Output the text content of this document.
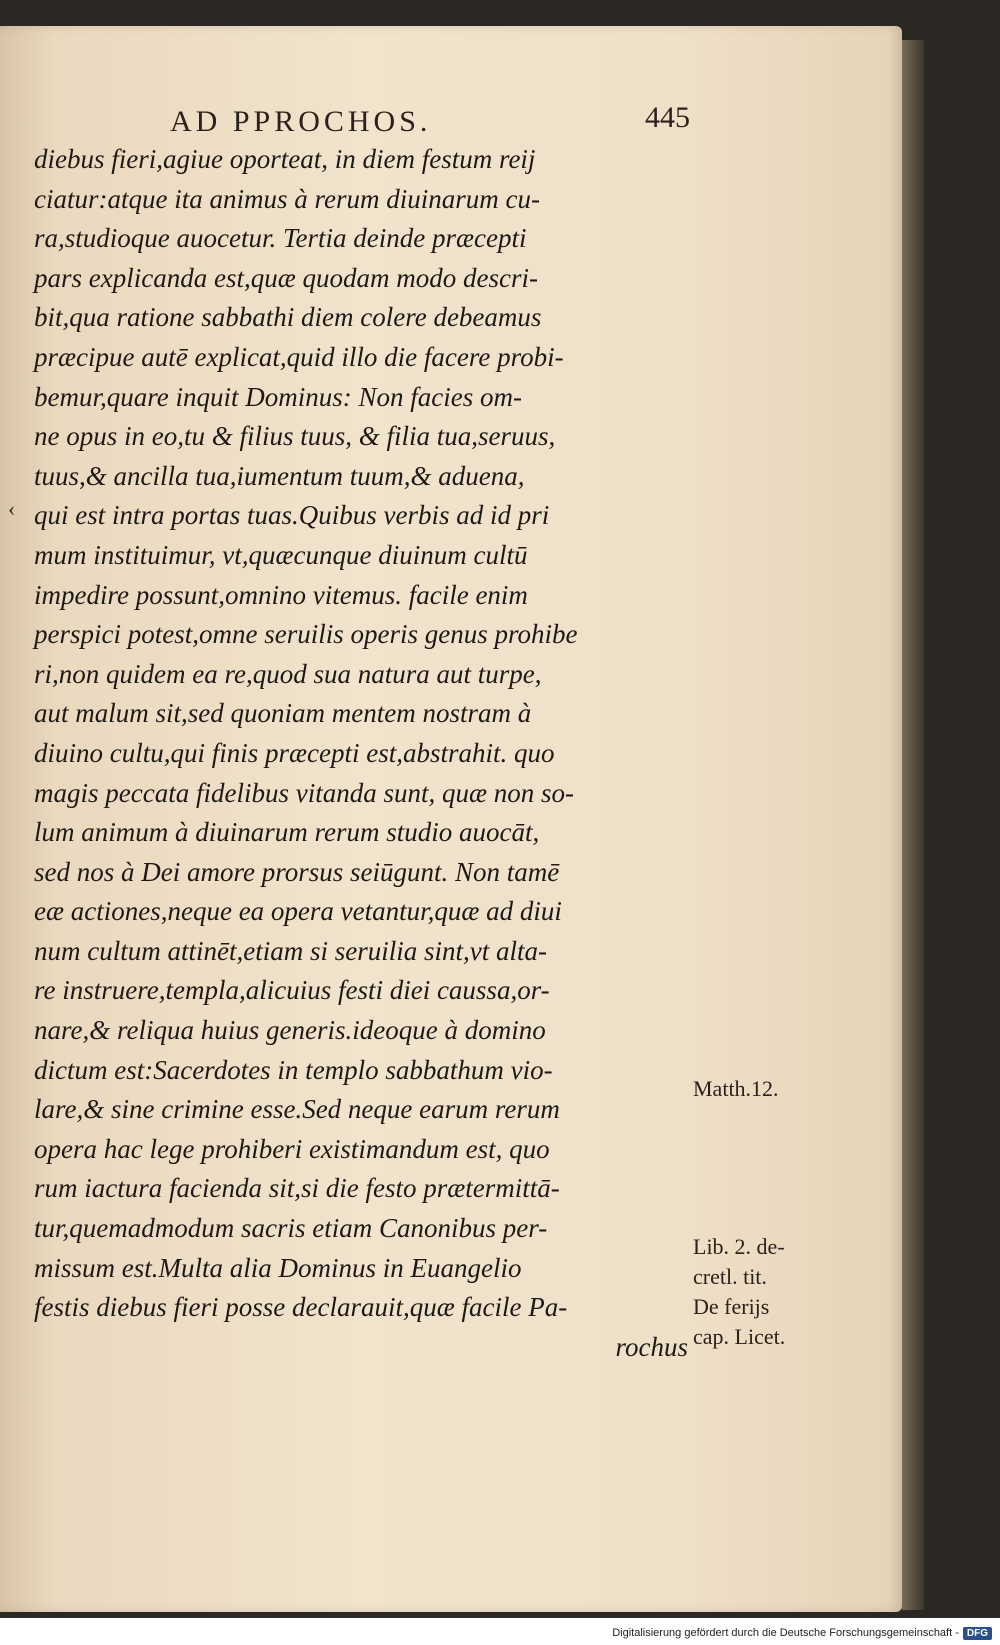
AD PPROCHOS.	445
‹
diebus fieri,agiue oporteat, in diem festum reij
ciatur:atque ita animus à rerum diuinarum cu-
ra,studioque auocetur. Tertia deinde præcepti
pars explicanda est,quæ quodam modo descri-
bit,qua ratione sabbathi diem colere debeamus
præcipue autē explicat,quid illo die facere probi-
bemur,quare inquit Dominus: Non facies om-
ne opus in eo,tu & filius tuus, & filia tua,seruus,
tuus,& ancilla tua,iumentum tuum,& aduena,
qui est intra portas tuas.Quibus verbis ad id pri
mum instituimur, vt,quæcunque diuinum cultū
impedire possunt,omnino vitemus. facile enim
perspici potest,omne seruilis operis genus prohibe
ri,non quidem ea re,quod sua natura aut turpe,
aut malum sit,sed quoniam mentem nostram à
diuino cultu,qui finis præcepti est,abstrahit. quo
magis peccata fidelibus vitanda sunt, quæ non so-
lum animum à diuinarum rerum studio auocāt,
sed nos à Dei amore prorsus seiūgunt. Non tamē
eæ actiones,neque ea opera vetantur,quæ ad diui
num cultum attinēt,etiam si seruilia sint,vt alta-
re instruere,templa,alicuius festi diei caussa,or-
nare,& reliqua huius generis.ideoque à domino
dictum est:Sacerdotes in templo sabbathum vio-
lare,& sine crimine esse.Sed neque earum rerum
opera hac lege prohiberi existimandum est, quo
rum iactura facienda sit,si die festo prætermittā-
tur,quemadmodum sacris etiam Canonibus per-
missum est.Multa alia Dominus in Euangelio
festis diebus fieri posse declarauit,quæ facile Pa-
rochus
Matth.12.
Lib. 2. de-
cretl. tit.
De ferijs
cap. Licet.
Digitalisierung gefördert durch die Deutsche Forschungsgemeinschaft - DFG
